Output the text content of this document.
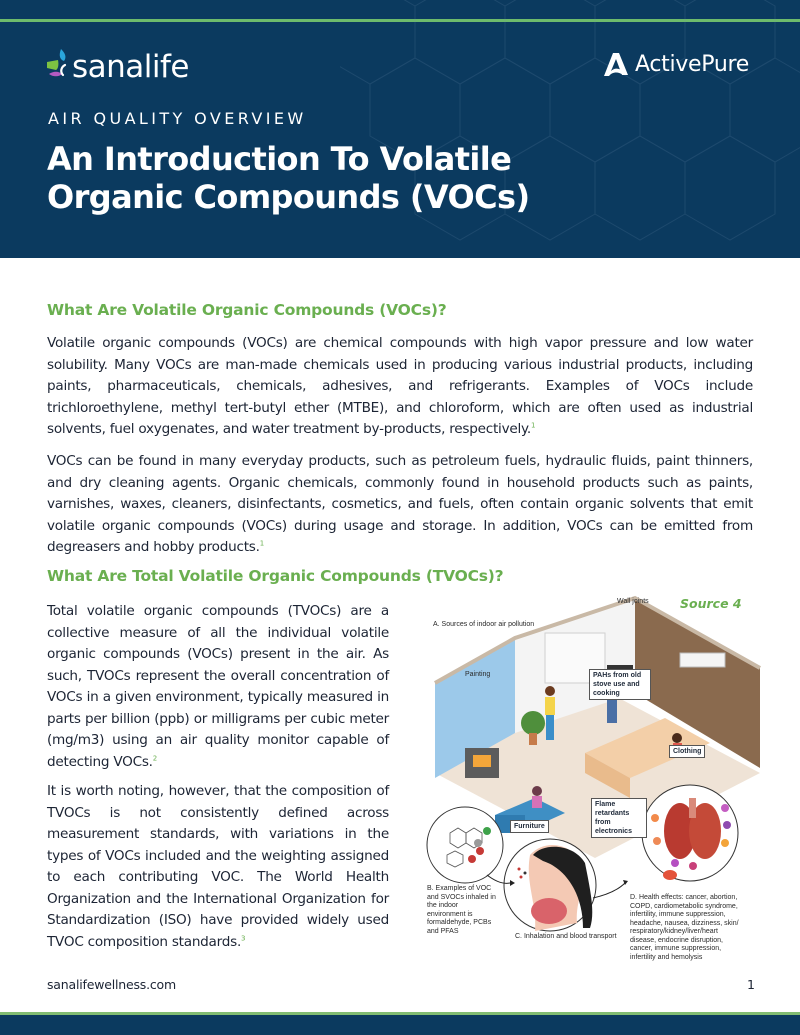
sanalife	ActivePure
AIR QUALITY OVERVIEW
An Introduction To Volatile
Organic Compounds (VOCs)
What Are Volatile Organic Compounds (VOCs)?

Volatile organic compounds (VOCs) are chemical compounds with high vapor pressure and low water solubility. Many VOCs are man-made chemicals used in producing various industrial products, including paints, pharmaceuticals, chemicals, adhesives, and refrigerants. Examples of VOCs include trichloroethylene, methyl tert-butyl ether (MTBE), and chloroform, which are often used as industrial solvents, fuel oxygenates, and water treatment by-products, respectively.$^1$

VOCs can be found in many everyday products, such as petroleum fuels, hydraulic fluids, paint thinners, and dry cleaning agents. Organic chemicals, commonly found in household products such as paints, varnishes, waxes, cleaners, disinfectants, cosmetics, and fuels, often contain organic solvents that emit volatile organic compounds (VOCs) during usage and storage. In addition, VOCs can be emitted from degreasers and hobby products.$^1$

What Are Total Volatile Organic Compounds (TVOCs)?

Total volatile organic compounds (TVOCs) are a collective measure of all the individual volatile organic compounds (VOCs) present in the air. As such, TVOCs represent the overall concentration of VOCs in a given environment, typically measured in parts per billion (ppb) or milligrams per cubic meter (mg/m3) using an air quality monitor capable of detecting VOCs.$^2$

It is worth noting, however, that the composition of TVOCs is not consistently defined across measurement standards, with variations in the types of VOCs included and the weighting assigned to each contributing VOC. The World Health Organization and the International Organization for Standardization (ISO) have provided widely used TVOC composition standards.$^3$

Source 4
A. Sources of indoor air pollution
Wall joints
Painting	PAHs from old stove use and cooking
Clothing
Flame retardants from electronics
Furniture
B. Examples of VOC and SVOCs inhaled in the indoor environment is formaldehyde, PCBs and PFAS
C. Inhalation and blood transport
D. Health effects: cancer, abortion, COPD, cardiometabolic syndrome, infertility, immune suppression, headache, nausea, dizziness, skin/ respiratory/kidney/liver/heart disease, endocrine disruption, cancer, immune suppression, infertility and hemolysis
sanalifewellness.com	1
